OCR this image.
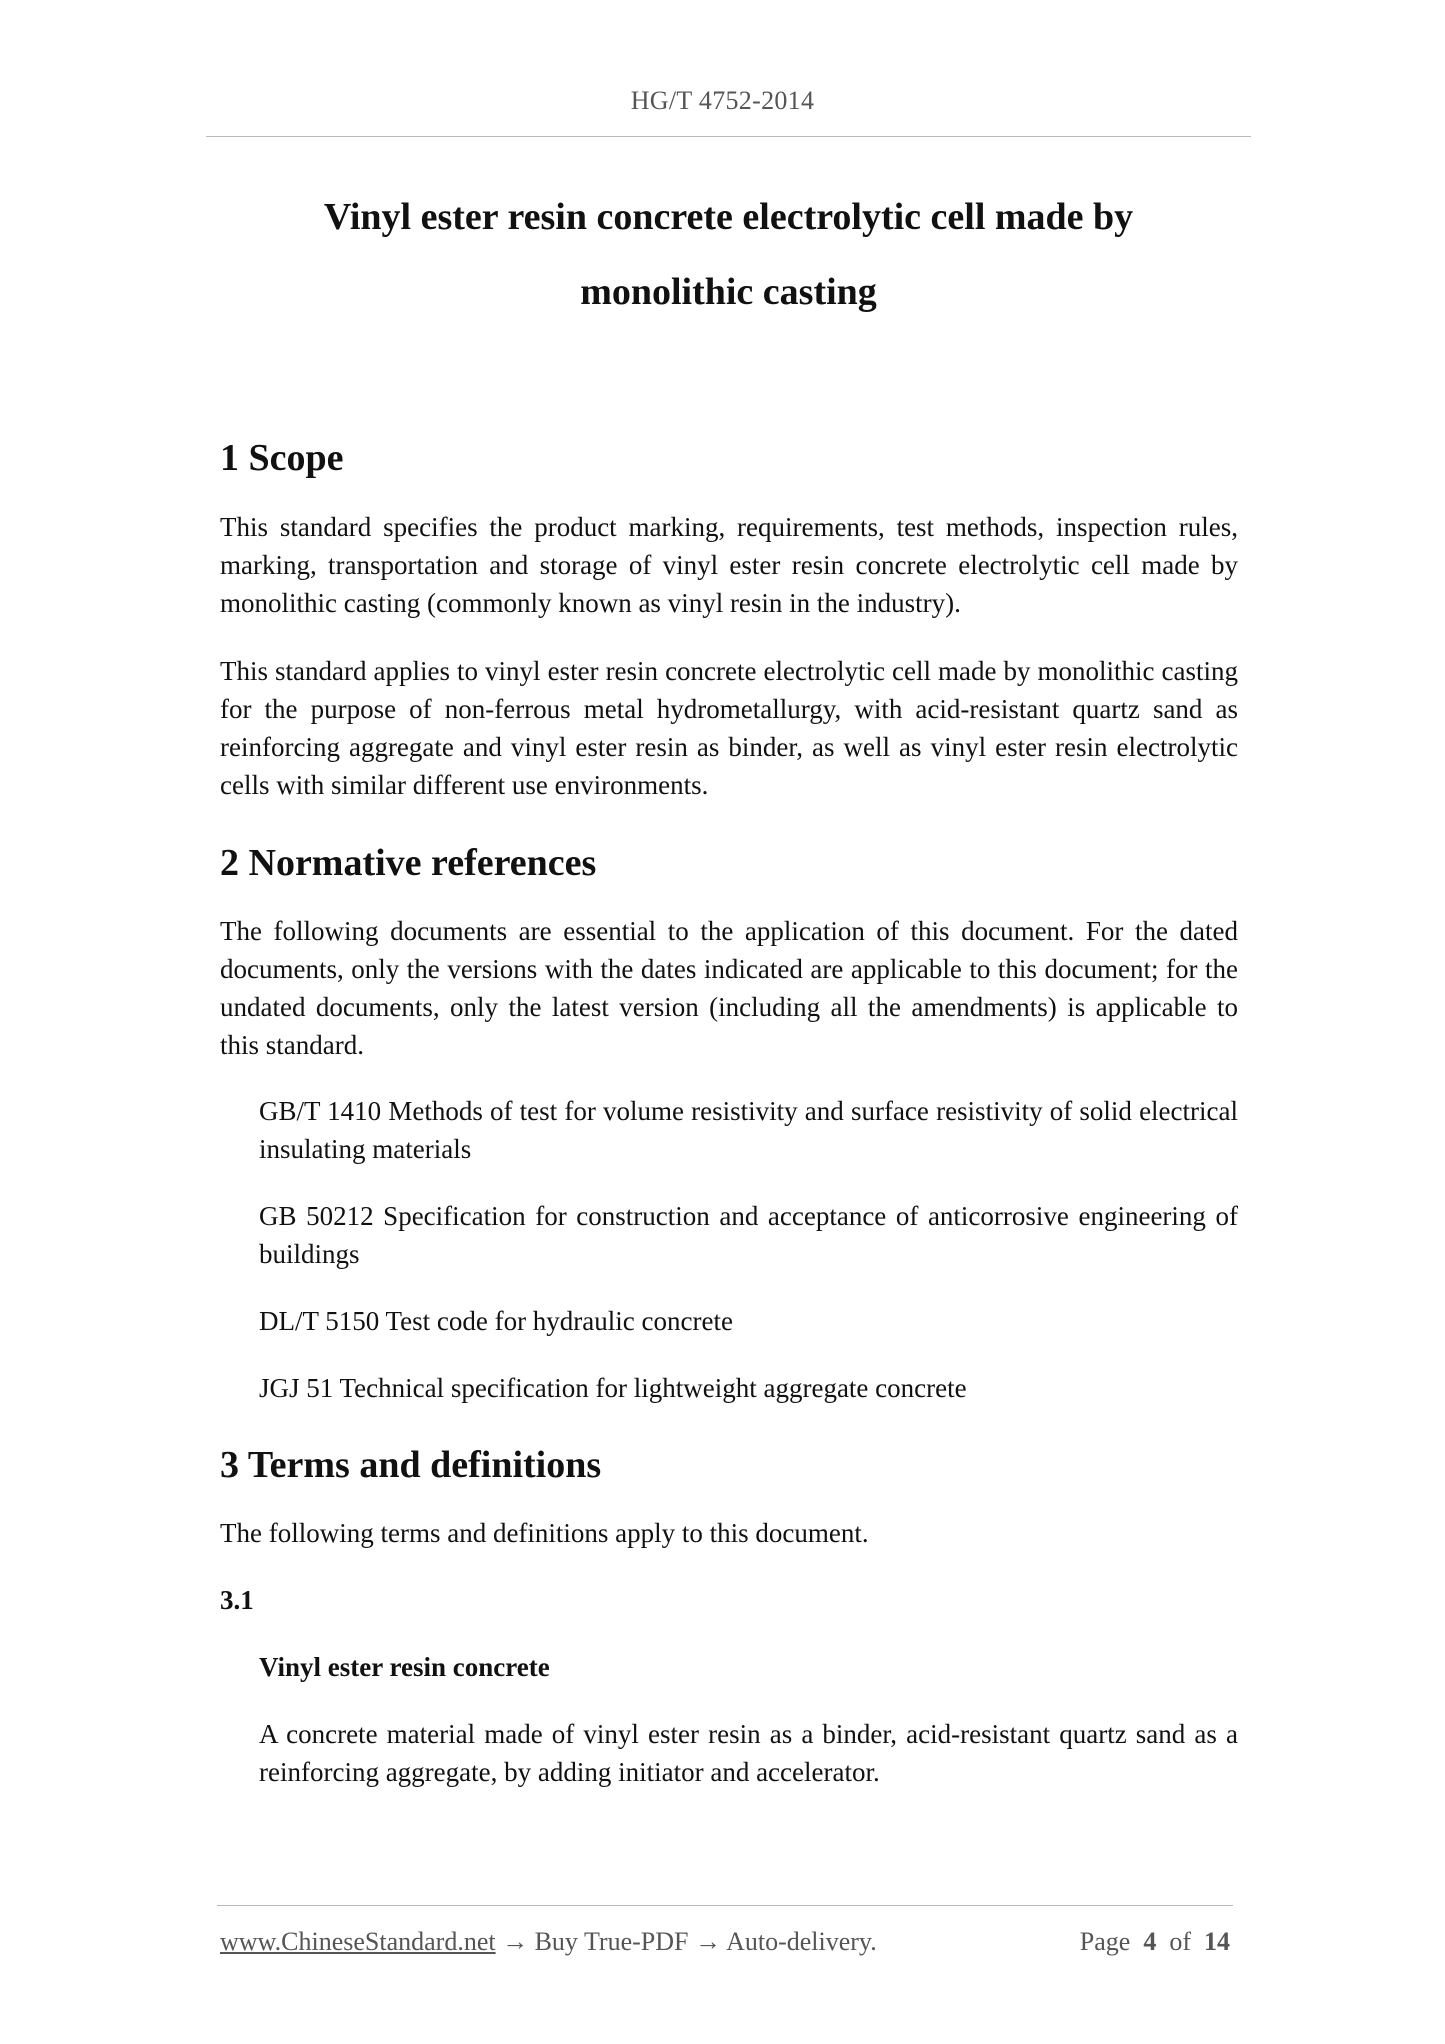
HG/T 4752-2014
Vinyl ester resin concrete electrolytic cell made by
monolithic casting
1 Scope

This standard specifies the product marking, requirements, test methods, inspection rules, marking, transportation and storage of vinyl ester resin concrete electrolytic cell made by monolithic casting (commonly known as vinyl resin in the industry).

This standard applies to vinyl ester resin concrete electrolytic cell made by monolithic casting for the purpose of non-ferrous metal hydrometallurgy, with acid-resistant quartz sand as reinforcing aggregate and vinyl ester resin as binder, as well as vinyl ester resin electrolytic cells with similar different use environments.

2 Normative references

The following documents are essential to the application of this document. For the dated documents, only the versions with the dates indicated are applicable to this document; for the undated documents, only the latest version (including all the amendments) is applicable to this standard.

GB/T 1410 Methods of test for volume resistivity and surface resistivity of solid electrical insulating materials

GB 50212 Specification for construction and acceptance of anticorrosive engineering of buildings

DL/T 5150 Test code for hydraulic concrete

JGJ 51 Technical specification for lightweight aggregate concrete

3 Terms and definitions

The following terms and definitions apply to this document.

3.1
Vinyl ester resin concrete

A concrete material made of vinyl ester resin as a binder, acid-resistant quartz sand as a reinforcing aggregate, by adding initiator and accelerator.

www.ChineseStandard.net → Buy True-PDF → Auto-delivery.	Page 4 of 14
